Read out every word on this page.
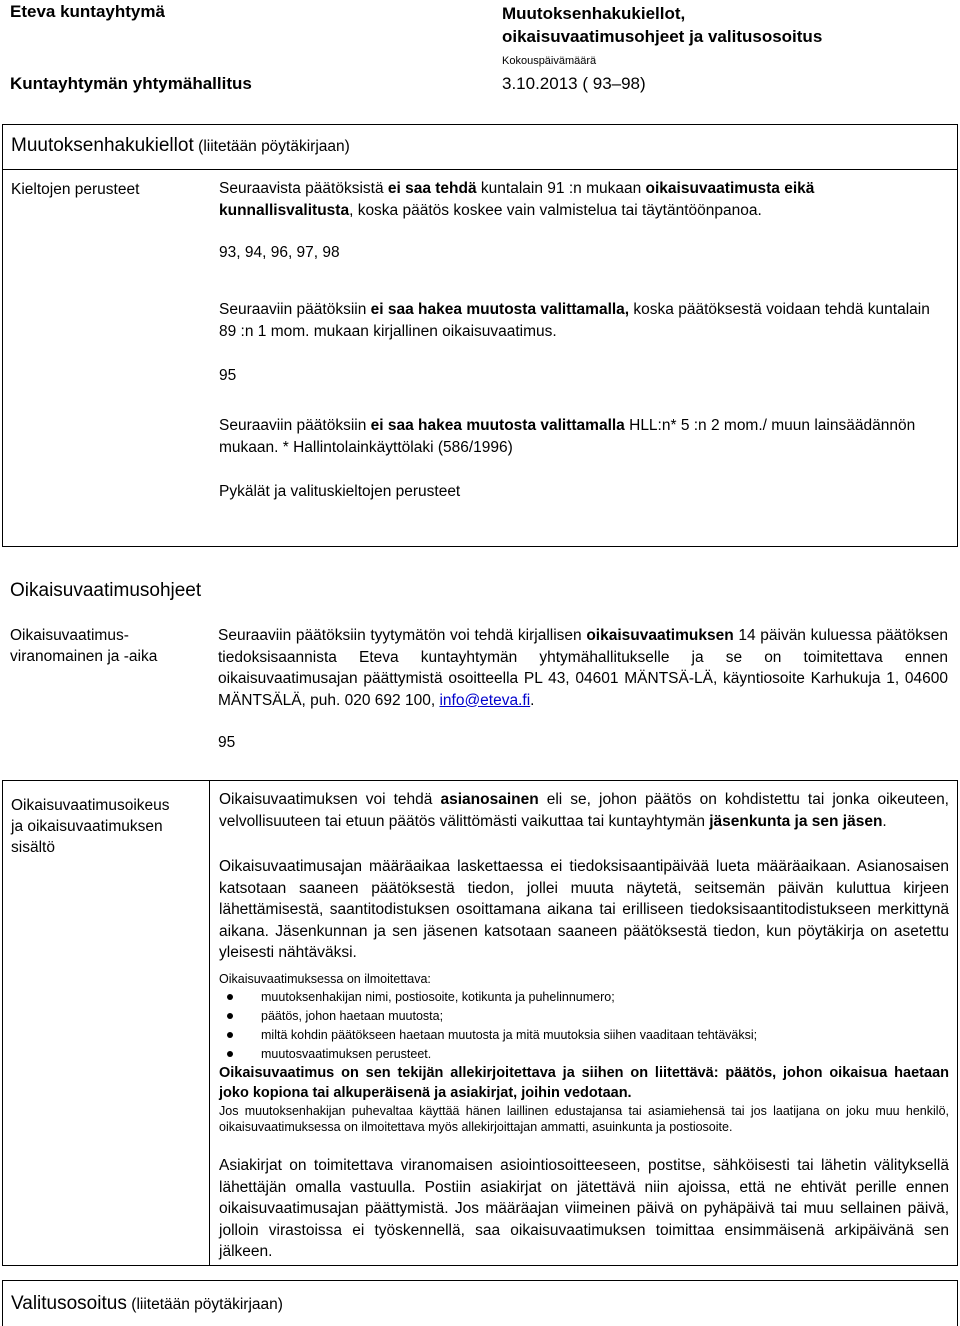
Eteva kuntayhtymä
Kuntayhtymän yhtymähallitus
Muutoksenhakukiellot,
oikaisuvaatimusohjeet ja valitusosoitus
Kokouspäivämäärä
3.10.2013 ( 93–98)
Muutoksenhakukiellot (liitetään pöytäkirjaan)
Kieltojen perusteet	Seuraavista päätöksistä ei saa tehdä kuntalain 91 :n mukaan oikaisuvaatimusta eikä kunnallisvalitusta, koska päätös koskee vain valmistelua tai täytäntöönpanoa.
93, 94, 96, 97, 98
Seuraaviin päätöksiin ei saa hakea muutosta valittamalla, koska päätöksestä voidaan tehdä kuntalain 89 :n 1 mom. mukaan kirjallinen oikaisuvaatimus.
95
Seuraaviin päätöksiin ei saa hakea muutosta valittamalla HLL:n* 5 :n 2 mom./ muun lainsäädännön mukaan. * Hallintolainkäyttölaki (586/1996)
Pykälät ja valituskieltojen perusteet
Oikaisuvaatimusohjeet
Oikaisuvaatimus-
viranomainen ja -aika
Seuraaviin päätöksiin tyytymätön voi tehdä kirjallisen oikaisuvaatimuksen 14 päivän kuluessa päätöksen tiedoksisaannista Eteva kuntayhtymän yhtymähallitukselle ja se on toimitettava ennen oikaisuvaatimusajan päättymistä osoitteella PL 43, 04601 MÄNTSÄ-LÄ, käyntiosoite Karhukuja 1, 04600 MÄNTSÄLÄ, puh. 020 692 100, info@eteva.fi.
95
Oikaisuvaatimusoikeus
ja oikaisuvaatimuksen
sisältö
Oikaisuvaatimuksen voi tehdä asianosainen eli se, johon päätös on kohdistettu tai jonka oikeuteen, velvollisuuteen tai etuun päätös välittömästi vaikuttaa tai kuntayhtymän jäsenkunta ja sen jäsen.
Oikaisuvaatimusajan määräaikaa laskettaessa ei tiedoksisaantipäivää lueta määräaikaan. Asianosaisen katsotaan saaneen päätöksestä tiedon, jollei muuta näytetä, seitsemän päivän kuluttua kirjeen lähettämisestä, saantitodistuksen osoittamana aikana tai erilliseen tiedoksisaantitodistukseen merkittynä aikana. Jäsenkunnan ja sen jäsenen katsotaan saaneen päätöksestä tiedon, kun pöytäkirja on asetettu yleisesti nähtäväksi.
Oikaisuvaatimuksessa on ilmoitettava:
muutoksenhakijan nimi, postiosoite, kotikunta ja puhelinnumero;
päätös, johon haetaan muutosta;
miltä kohdin päätökseen haetaan muutosta ja mitä muutoksia siihen vaaditaan tehtäväksi;
muutosvaatimuksen perusteet.
Oikaisuvaatimus on sen tekijän allekirjoitettava ja siihen on liitettävä: päätös, johon oikaisua haetaan joko kopiona tai alkuperäisenä ja asiakirjat, joihin vedotaan.
Jos muutoksenhakijan puhevaltaa käyttää hänen laillinen edustajansa tai asiamiehensä tai jos laatijana on joku muu henkilö, oikaisuvaatimuksessa on ilmoitettava myös allekirjoittajan ammatti, asuinkunta ja postiosoite.
Asiakirjat on toimitettava viranomaisen asiointiosoitteeseen, postitse, sähköisesti tai lähetin välityksellä lähettäjän omalla vastuulla. Postiin asiakirjat on jätettävä niin ajoissa, että ne ehtivät perille ennen oikaisuvaatimusajan päättymistä. Jos määräajan viimeinen päivä on pyhäpäivä tai muu sellainen päivä, jolloin virastoissa ei työskennellä, saa oikaisuvaatimuksen toimittaa ensimmäisenä arkipäivänä sen jälkeen.
Valitusosoitus (liitetään pöytäkirjaan)
